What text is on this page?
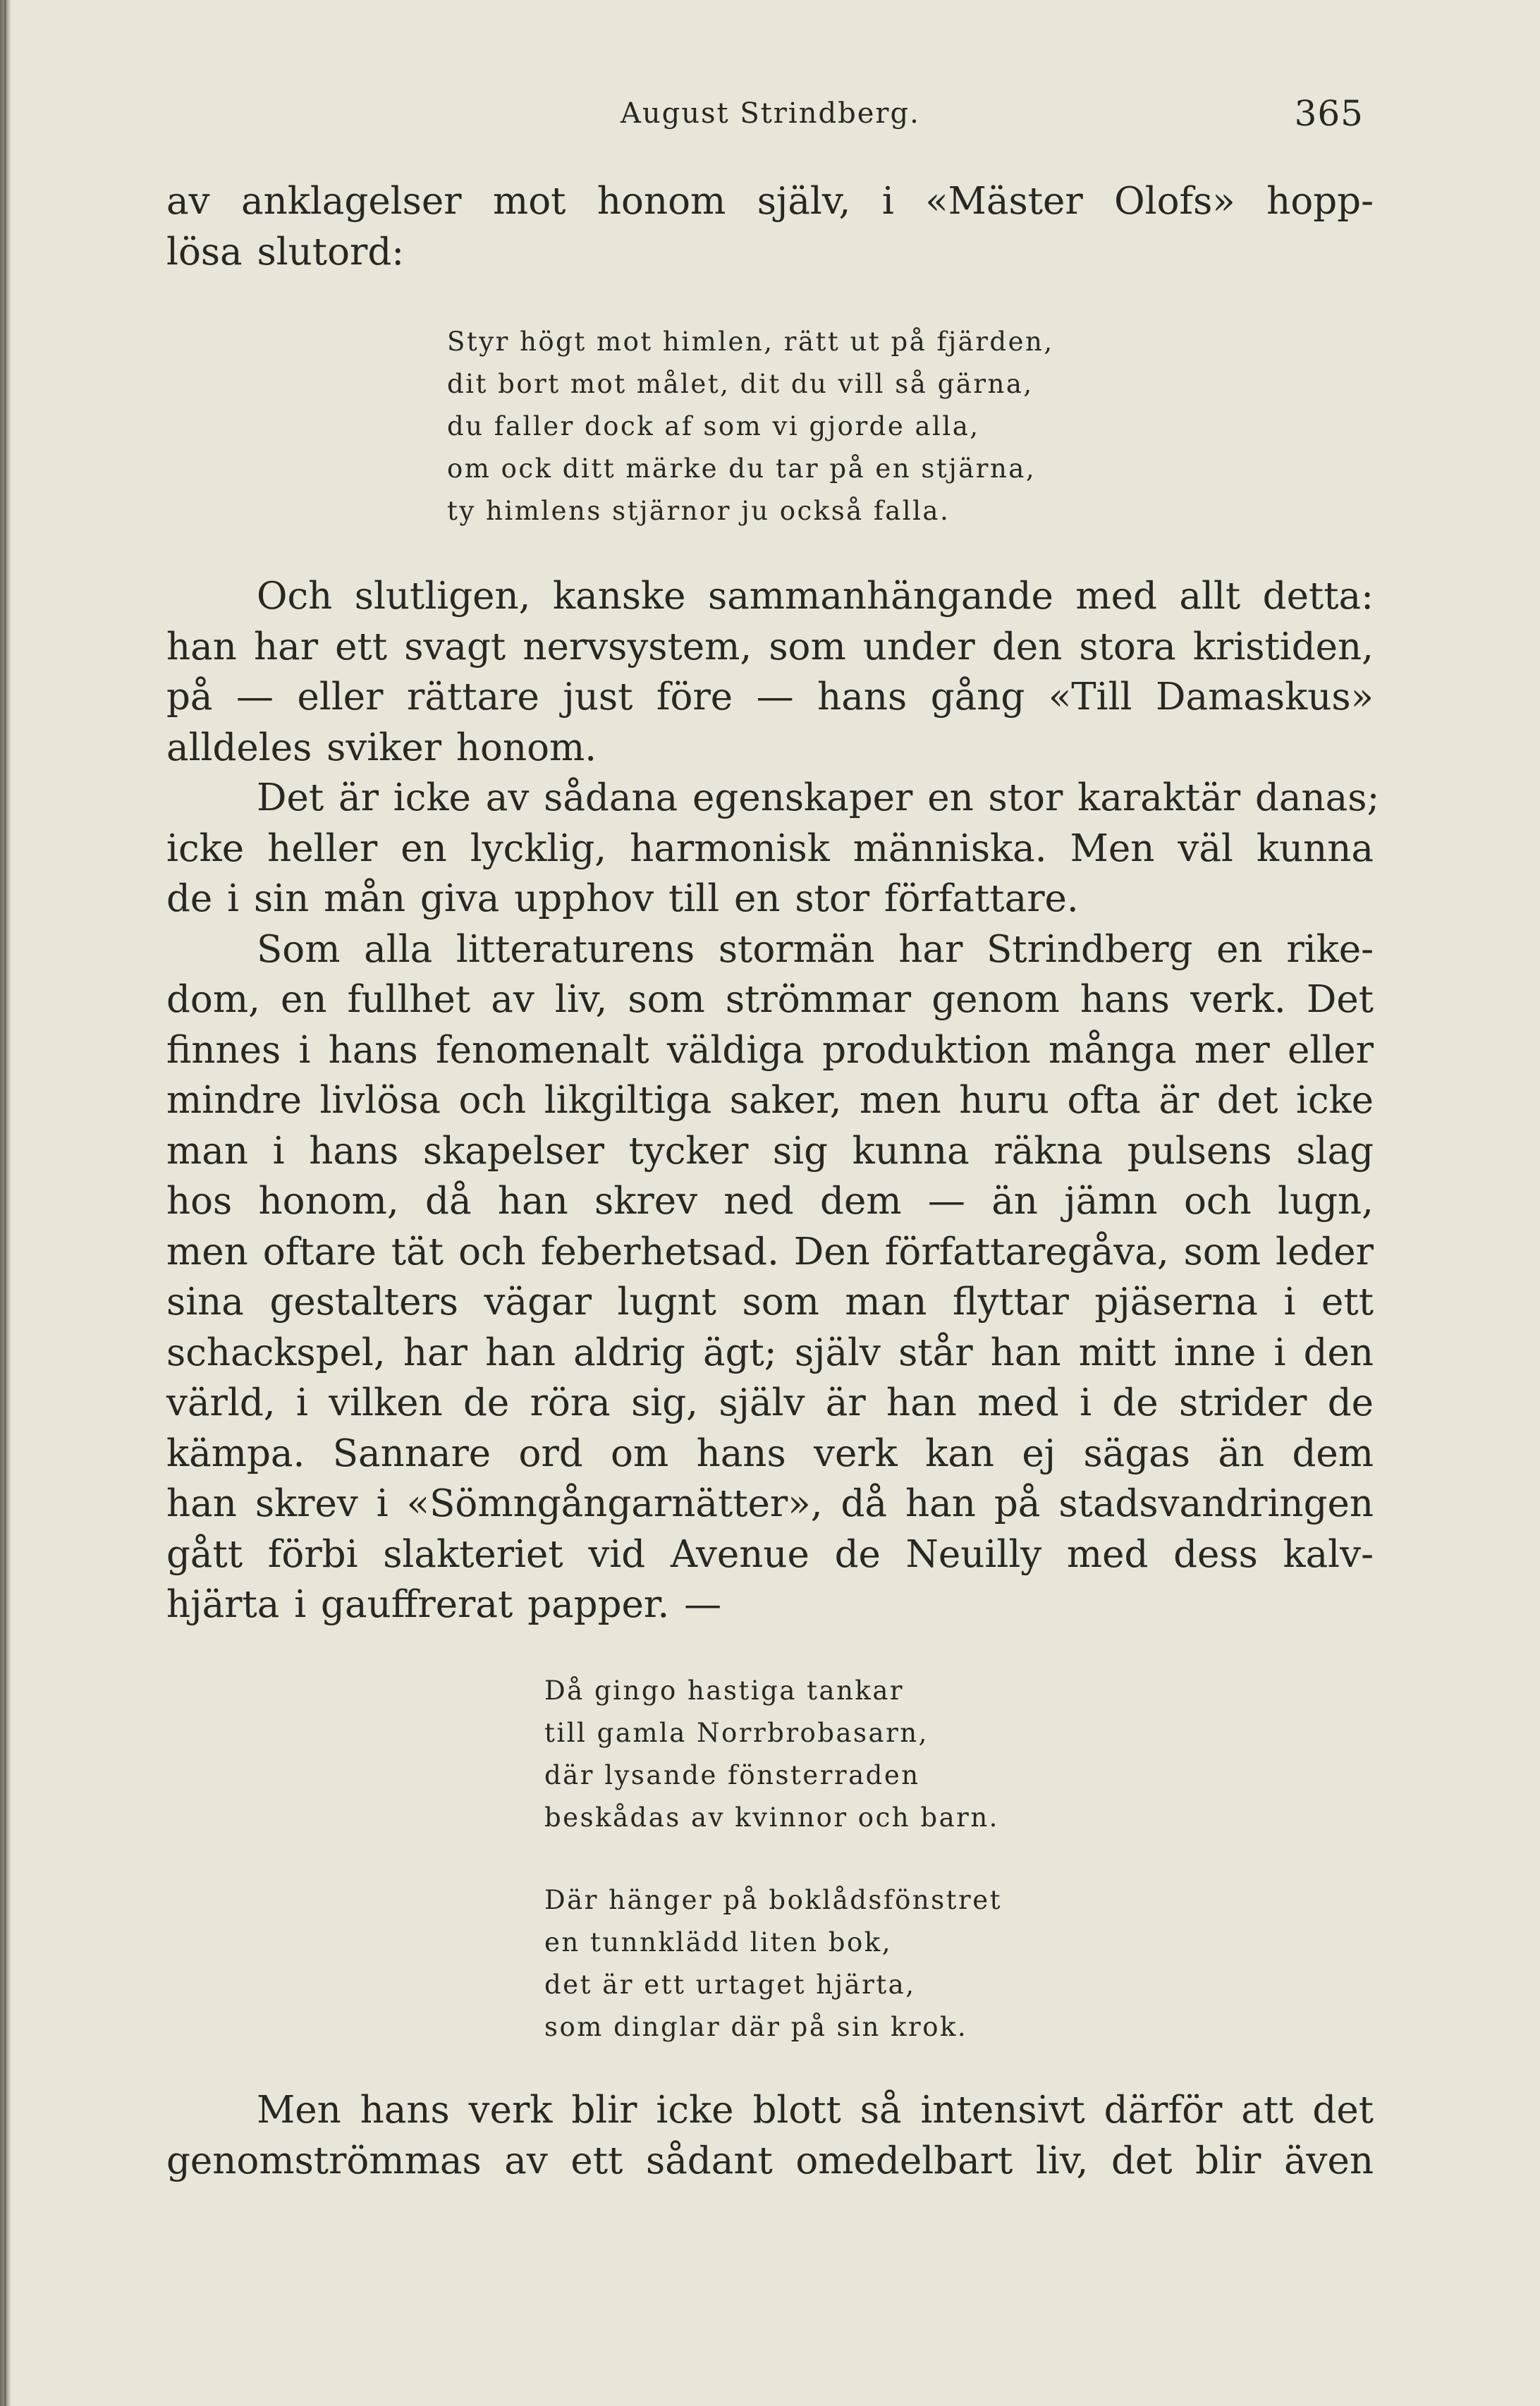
August Strindberg.	365

av anklagelser mot honom själv, i «Mäster Olofs» hopp-

lösa slutord:

Styr högt mot himlen, rätt ut på fjärden,

dit bort mot målet, dit du vill så gärna,

du faller dock af som vi gjorde alla,

om ock ditt märke du tar på en stjärna,

ty himlens stjärnor ju också falla.

Och slutligen, kanske sammanhängande med allt detta:

han har ett svagt nervsystem, som under den stora kristiden,

på — eller rättare just före — hans gång «Till Damaskus»

alldeles sviker honom.

Det är icke av sådana egenskaper en stor karaktär danas;

icke heller en lycklig, harmonisk människa. Men väl kunna

de i sin mån giva upphov till en stor författare.

Som alla litteraturens stormän har Strindberg en rike-

dom, en fullhet av liv, som strömmar genom hans verk. Det

finnes i hans fenomenalt väldiga produktion många mer eller

mindre livlösa och likgiltiga saker, men huru ofta är det icke

man i hans skapelser tycker sig kunna räkna pulsens slag

hos honom, då han skrev ned dem — än jämn och lugn,

men oftare tät och feberhetsad. Den författaregåva, som leder

sina gestalters vägar lugnt som man flyttar pjäserna i ett

schackspel, har han aldrig ägt; själv står han mitt inne i den

värld, i vilken de röra sig, själv är han med i de strider de

kämpa. Sannare ord om hans verk kan ej sägas än dem

han skrev i «Sömngångarnätter», då han på stadsvandringen

gått förbi slakteriet vid Avenue de Neuilly med dess kalv-

hjärta i gauffrerat papper. —

Då gingo hastiga tankar

till gamla Norrbrobasarn,

där lysande fönsterraden

beskådas av kvinnor och barn.

Där hänger på boklådsfönstret

en tunnklädd liten bok,

det är ett urtaget hjärta,

som dinglar där på sin krok.

Men hans verk blir icke blott så intensivt därför att det

genomströmmas av ett sådant omedelbart liv, det blir även
